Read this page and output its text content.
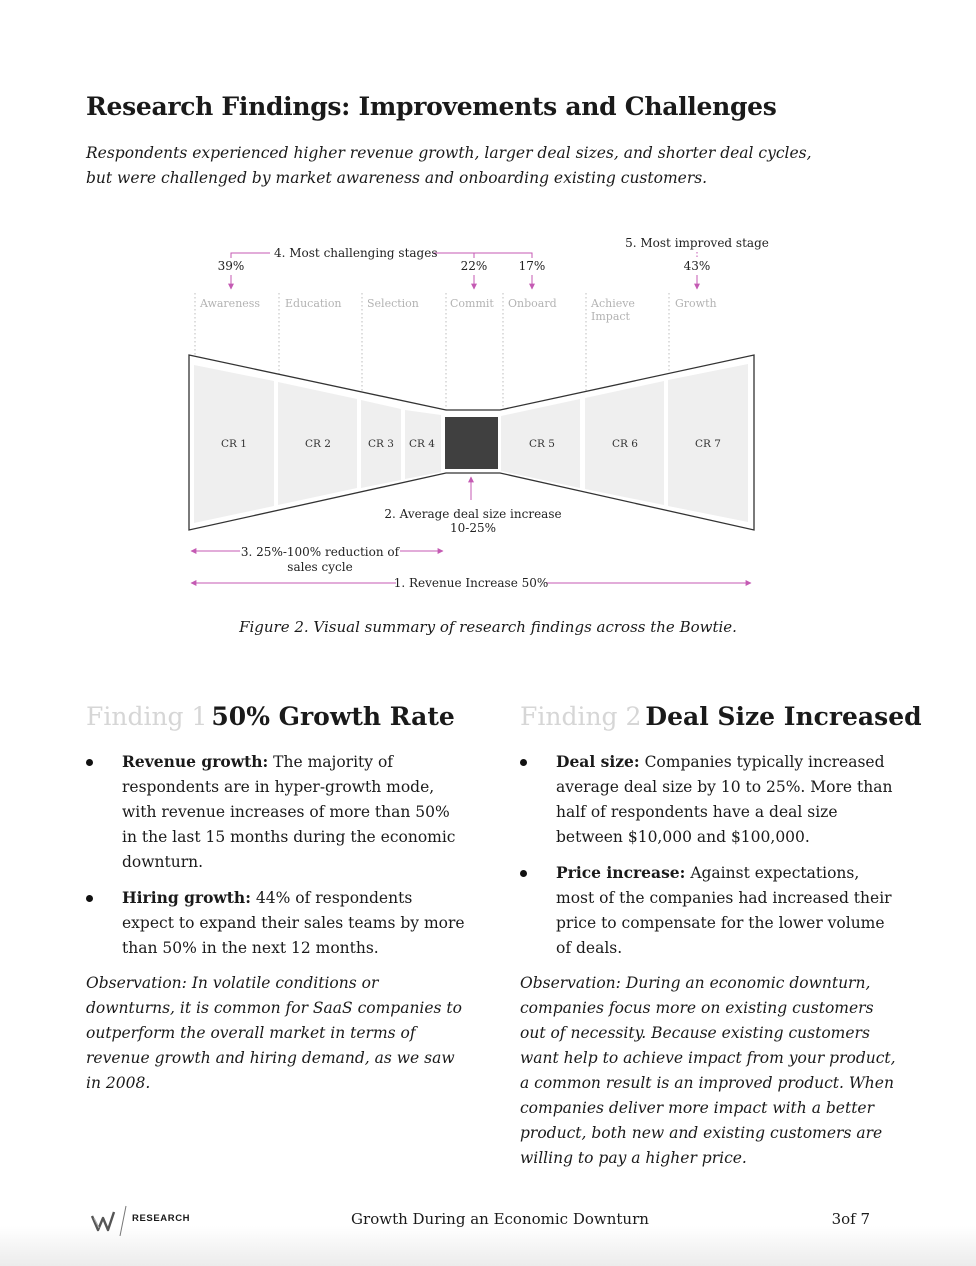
Research Findings: Improvements and Challenges

Respondents experienced higher revenue growth, larger deal sizes, and shorter deal cycles, but were challenged by market awareness and onboarding existing customers.

Awareness Education Selection	Commit Onboard	Achieve Impact
Growth
CR 1	CR 2	CR 3 CR 4	CR 5	CR 6	CR 7
4. Most challenging stages
5. Most improved stage
39%	22%	17%	43%
2. Average deal size increase
10-25%
3. 25%-100% reduction of
sales cycle
1. Revenue Increase 50%
Figure 2. Visual summary of research findings across the Bowtie.
Finding 1 50% Growth Rate
Revenue growth: The majority of respondents are in hyper-growth mode, with revenue increases of more than 50% in the last 15 months during the economic downturn.
Hiring growth: 44% of respondents expect to expand their sales teams by more than 50% in the next 12 months.

Observation: In volatile conditions or downturns, it is common for SaaS companies to outperform the overall market in terms of revenue growth and hiring demand, as we saw in 2008.

Finding 2 Deal Size Increased
Deal size: Companies typically increased average deal size by 10 to 25%. More than half of respondents have a deal size between $10,000 and $100,000.
Price increase: Against expectations, most of the companies had increased their price to compensate for the lower volume of deals.

Observation: During an economic downturn, companies focus more on existing customers out of necessity. Because existing customers want help to achieve impact from your product, a common result is an improved product. When companies deliver more impact with a better product, both new and existing customers are willing to pay a higher price.

RESEARCH	Growth During an Economic Downturn	3of 7
